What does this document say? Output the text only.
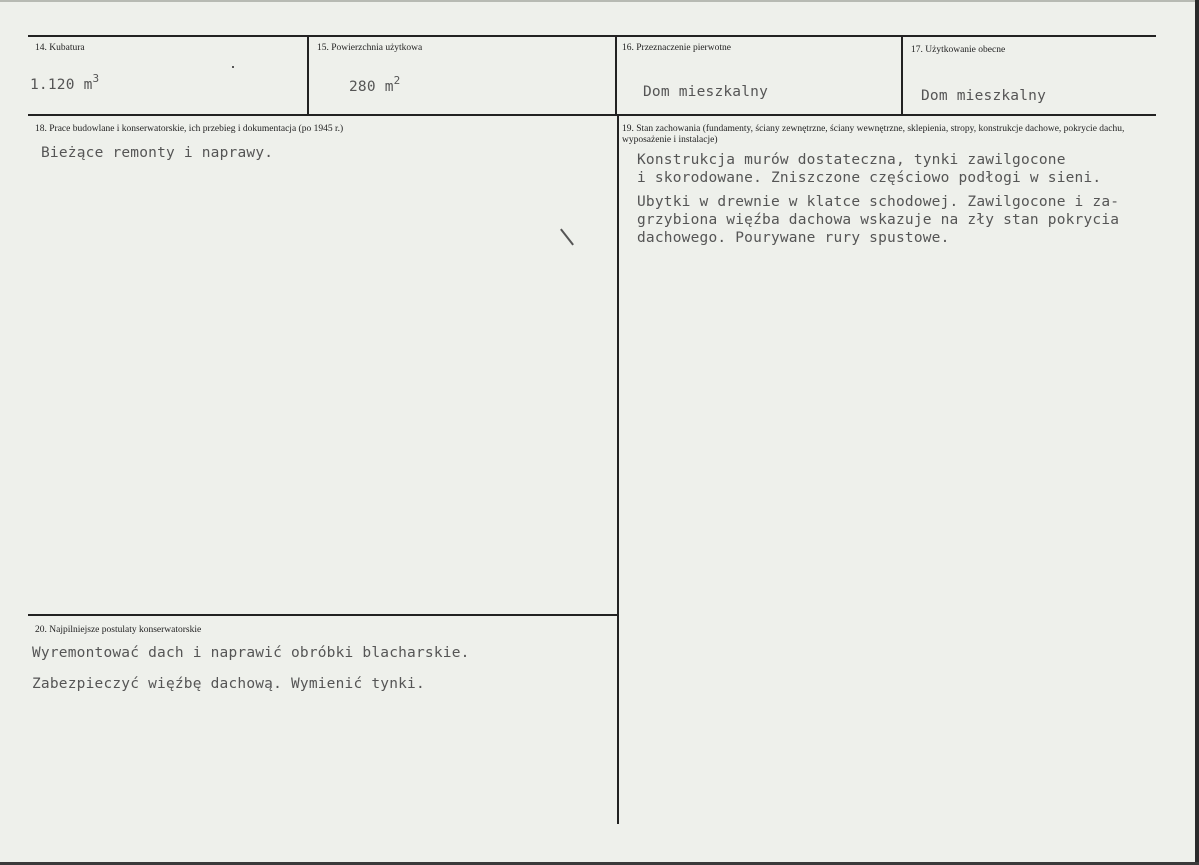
14. Kubatura
1.120 $m^3$
15. Powierzchnia użytkowa
280 $m^2$
16. Przeznaczenie pierwotne
Dom mieszkalny
17. Użytkowanie obecne
Dom mieszkalny
18. Prace budowlane i konserwatorskie, ich przebieg i dokumentacja (po 1945 r.)
Bieżące remonty i naprawy.
19. Stan zachowania (fundamenty, ściany zewnętrzne, ściany wewnętrzne, sklepienia, stropy, konstrukcje dachowe, pokrycie dachu, wyposażenie i instalacje)
Konstrukcja murów dostateczna, tynki zawilgocone
i skorodowane. Zniszczone częściowo podłogi w sieni.
Ubytki w drewnie w klatce schodowej. Zawilgocone i za-
grzybiona więźba dachowa wskazuje na zły stan pokrycia
dachowego. Pourywane rury spustowe.
20. Najpilniejsze postulaty konserwatorskie
Wyremontować dach i naprawić obróbki blacharskie.
Zabezpieczyć więźbę dachową. Wymienić tynki.
